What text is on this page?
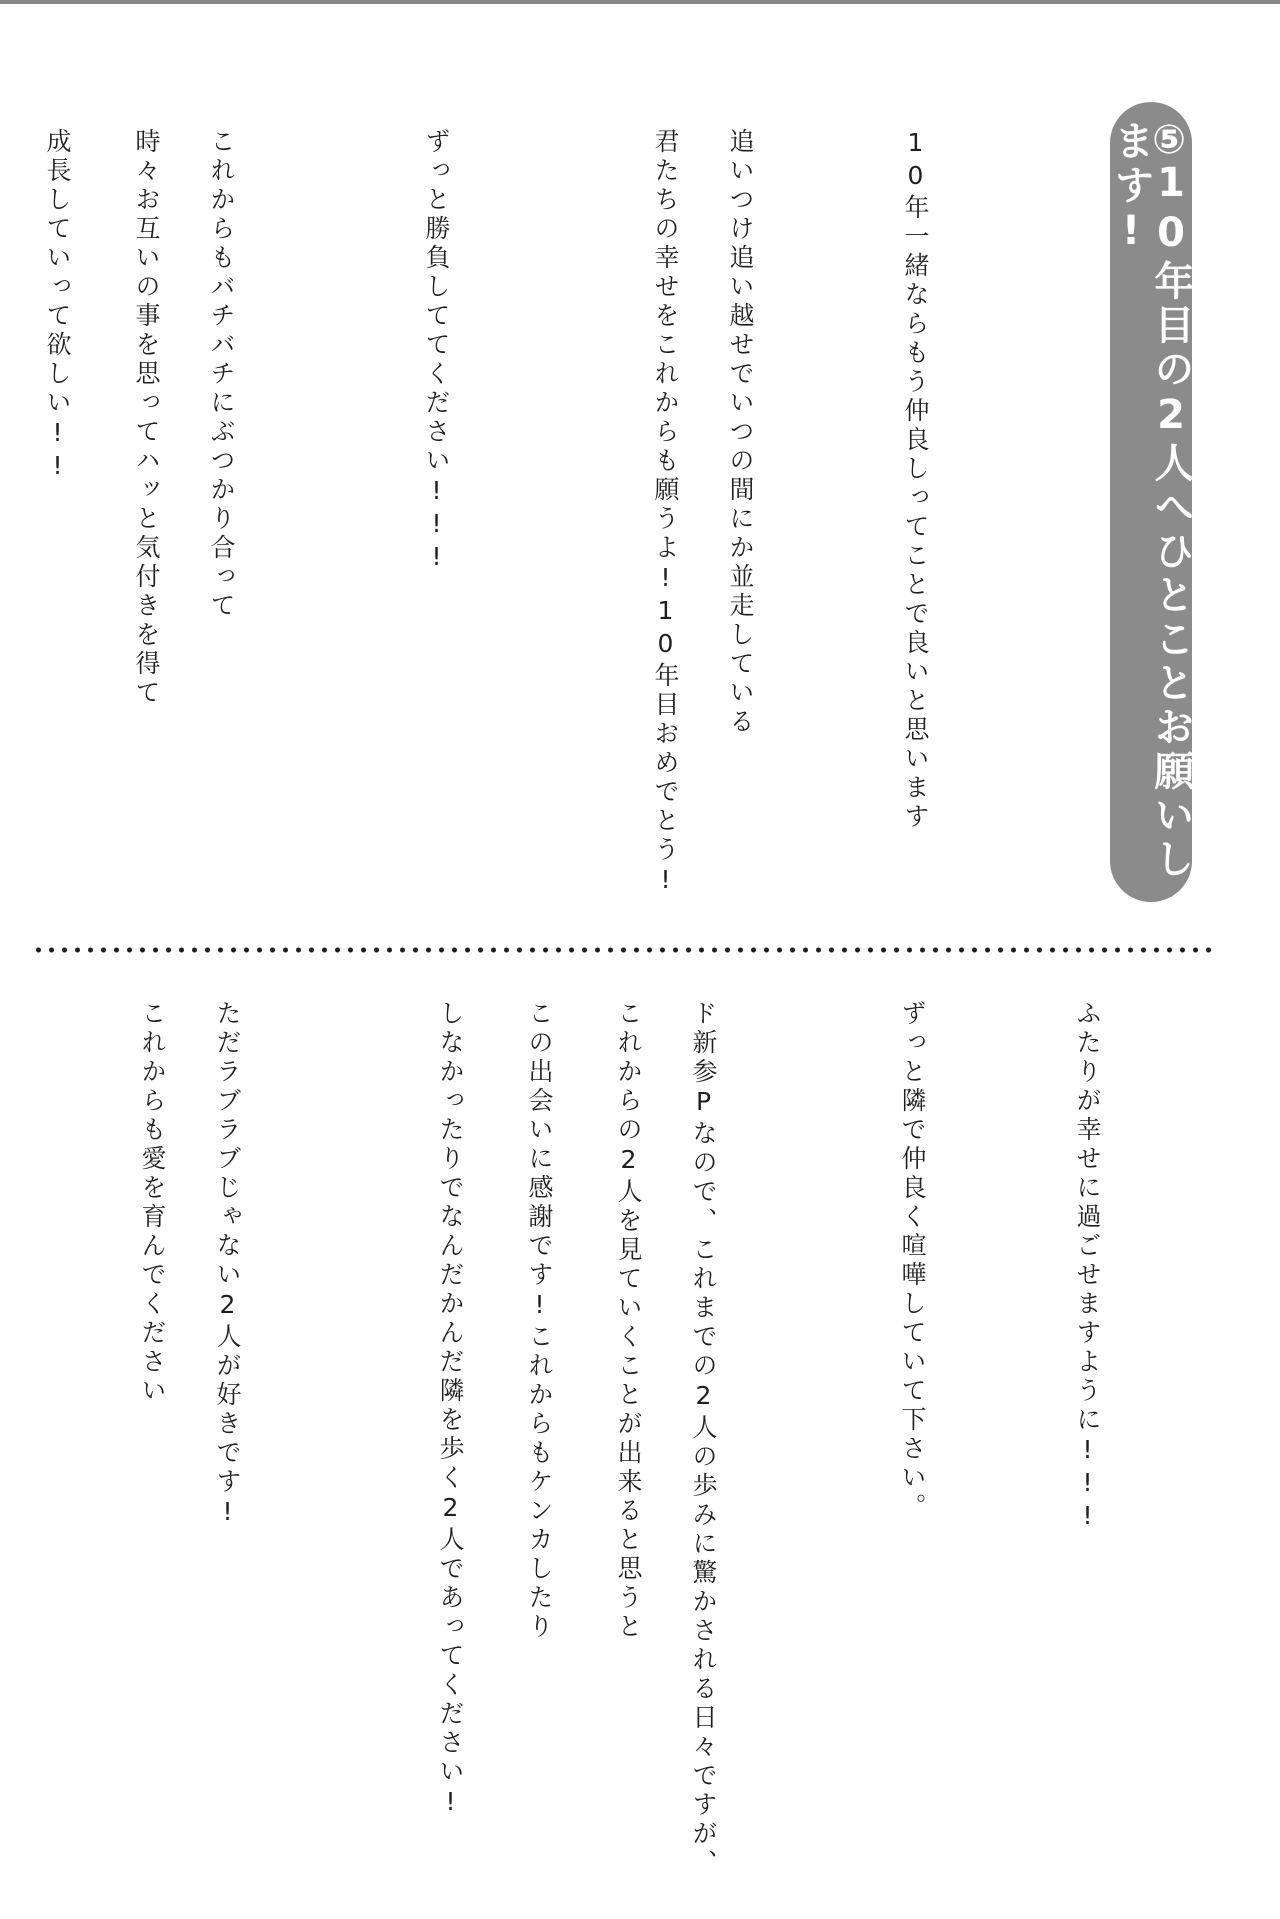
⑤10年目の2人へひとことお願いします!

10年一緒ならもう仲良しってことで良いと思います

追いつけ追い越せでいつの間にか並走している

君たちの幸せをこれからも願うよ!10年目おめでとう!

ずっと勝負しててください!!!

これからもバチバチにぶつかり合って

時々お互いの事を思ってハッと気付きを得て

成長していって欲しい!!

ふたりが幸せに過ごせますように!!!

ずっと隣で仲良く喧嘩していて下さい。

ド新参Pなので、これまでの2人の歩みに驚かされる日々ですが、

これからの2人を見ていくことが出来ると思うと

この出会いに感謝です!これからもケンカしたり

しなかったりでなんだかんだ隣を歩く2人であってください!

ただラブラブじゃない2人が好きです!

これからも愛を育んでください
